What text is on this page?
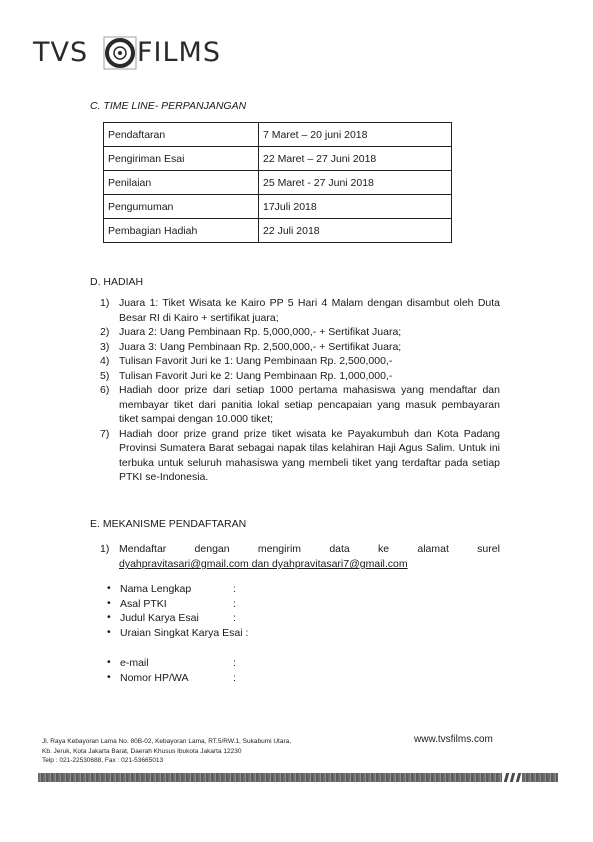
TVS FILMS
C. TIME LINE- PERPANJANGAN
Pendaftaran	7 Maret – 20 juni 2018
Pengiriman Esai	22 Maret – 27 Juni 2018
Penilaian	25 Maret - 27 Juni 2018
Pengumuman	17Juli 2018
Pembagian Hadiah	22 Juli 2018
D. HADIAH
1) Juara 1: Tiket Wisata ke Kairo PP 5 Hari 4 Malam dengan disambut oleh Duta Besar RI di Kairo + sertifikat juara;
2) Juara 2: Uang Pembinaan Rp. 5,000,000,- + Sertifikat Juara;
3) Juara 3: Uang Pembinaan Rp. 2,500,000,- + Sertifikat Juara;
4) Tulisan Favorit Juri ke 1: Uang Pembinaan Rp. 2,500,000,-
5) Tulisan Favorit Juri ke 2: Uang Pembinaan Rp. 1,000,000,-
6) Hadiah door prize dari setiap 1000 pertama mahasiswa yang mendaftar dan membayar tiket dari panitia lokal setiap pencapaian yang masuk pembayaran tiket sampai dengan 10.000 tiket;
7) Hadiah door prize grand prize tiket wisata ke Payakumbuh dan Kota Padang Provinsi Sumatera Barat sebagai napak tilas kelahiran Haji Agus Salim. Untuk ini terbuka untuk seluruh mahasiswa yang membeli tiket yang terdaftar pada setiap PTKI se-Indonesia.
E. MEKANISME PENDAFTARAN
1) Mendaftar	dengan	mengirim	data	ke	alamat	surel
dyahpravitasari@gmail.com dan dyahpravitasari7@gmail.com
• Nama Lengkap	:
• Asal PTKI	:
• Judul Karya Esai	:
• Uraian Singkat Karya Esai :
• e-mail	:
• Nomor HP/WA	:
Jl. Raya Kebayoran Lama No. 80B-02, Kebayoran Lama, RT.5/RW.1, Sukabumi Utara,
Kb. Jeruk, Kota Jakarta Barat, Daerah Khusus Ibukota Jakarta 12230
Telp : 021-22530688, Fax : 021-53665013
www.tvsfilms.com
